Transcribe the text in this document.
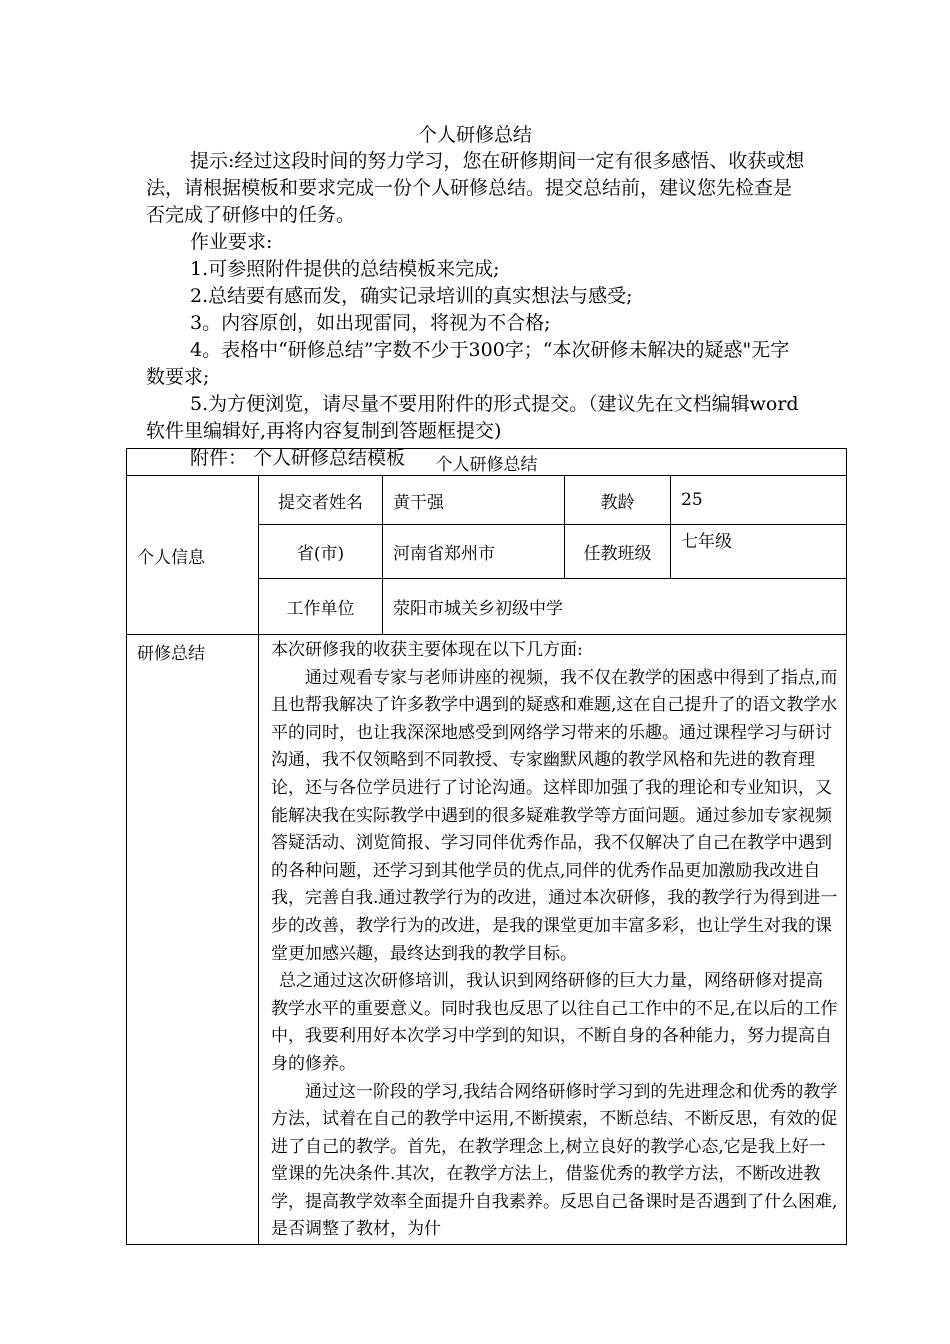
个人研修总结

提示:经过这段时间的努力学习，您在研修期间一定有很多感悟、收获或想法，请根据模板和要求完成一份个人研修总结。提交总结前，建议您先检查是否完成了研修中的任务。

作业要求:

1.可参照附件提供的总结模板来完成;

2.总结要有感而发，确实记录培训的真实想法与感受;

3。内容原创，如出现雷同，将视为不合格;

4。表格中“研修总结”字数不少于300字；“本次研修未解决的疑惑"无字数要求;

5.为方便浏览，请尽量不要用附件的形式提交。（建议先在文档编辑word软件里编辑好,再将内容复制到答题框提交)

附件： 个人研修总结模板	个人研修总结				
个人信息	提交者姓名	黄干强	教龄	25
	省(市)	河南省郑州市	任教班级	七年级
	工作单位	荥阳市城关乡初级中学		
研修总结	本次研修我的收获主要体现在以下几方面:

通过观看专家与老师讲座的视频，我不仅在教学的困惑中得到了指点,而且也帮我解决了许多教学中遇到的疑惑和难题,这在自己提升了的语文教学水平的同时，也让我深深地感受到网络学习带来的乐趣。通过课程学习与研讨沟通，我不仅领略到不同教授、专家幽默风趣的教学风格和先进的教育理论，还与各位学员进行了讨论沟通。这样即加强了我的理论和专业知识，又能解决我在实际教学中遇到的很多疑难教学等方面问题。通过参加专家视频答疑活动、浏览简报、学习同伴优秀作品，我不仅解决了自己在教学中遇到的各种问题，还学习到其他学员的优点,同伴的优秀作品更加激励我改进自我，完善自我.通过教学行为的改进，通过本次研修，我的教学行为得到进一步的改善，教学行为的改进，是我的课堂更加丰富多彩，也让学生对我的课堂更加感兴趣，最终达到我的教学目标。

总之通过这次研修培训，我认识到网络研修的巨大力量，网络研修对提高教学水平的重要意义。同时我也反思了以往自己工作中的不足,在以后的工作中，我要利用好本次学习中学到的知识，不断自身的各种能力，努力提高自身的修养。

通过这一阶段的学习,我结合网络研修时学习到的先进理念和优秀的教学方法，试着在自己的教学中运用,不断摸索，不断总结、不断反思，有效的促进了自己的教学。首先，在教学理念上,树立良好的教学心态,它是我上好一堂课的先决条件.其次，在教学方法上，借鉴优秀的教学方法，不断改进教学，提高教学效率全面提升自我素养。反思自己备课时是否遇到了什么困难,是否调整了教材，为什			
